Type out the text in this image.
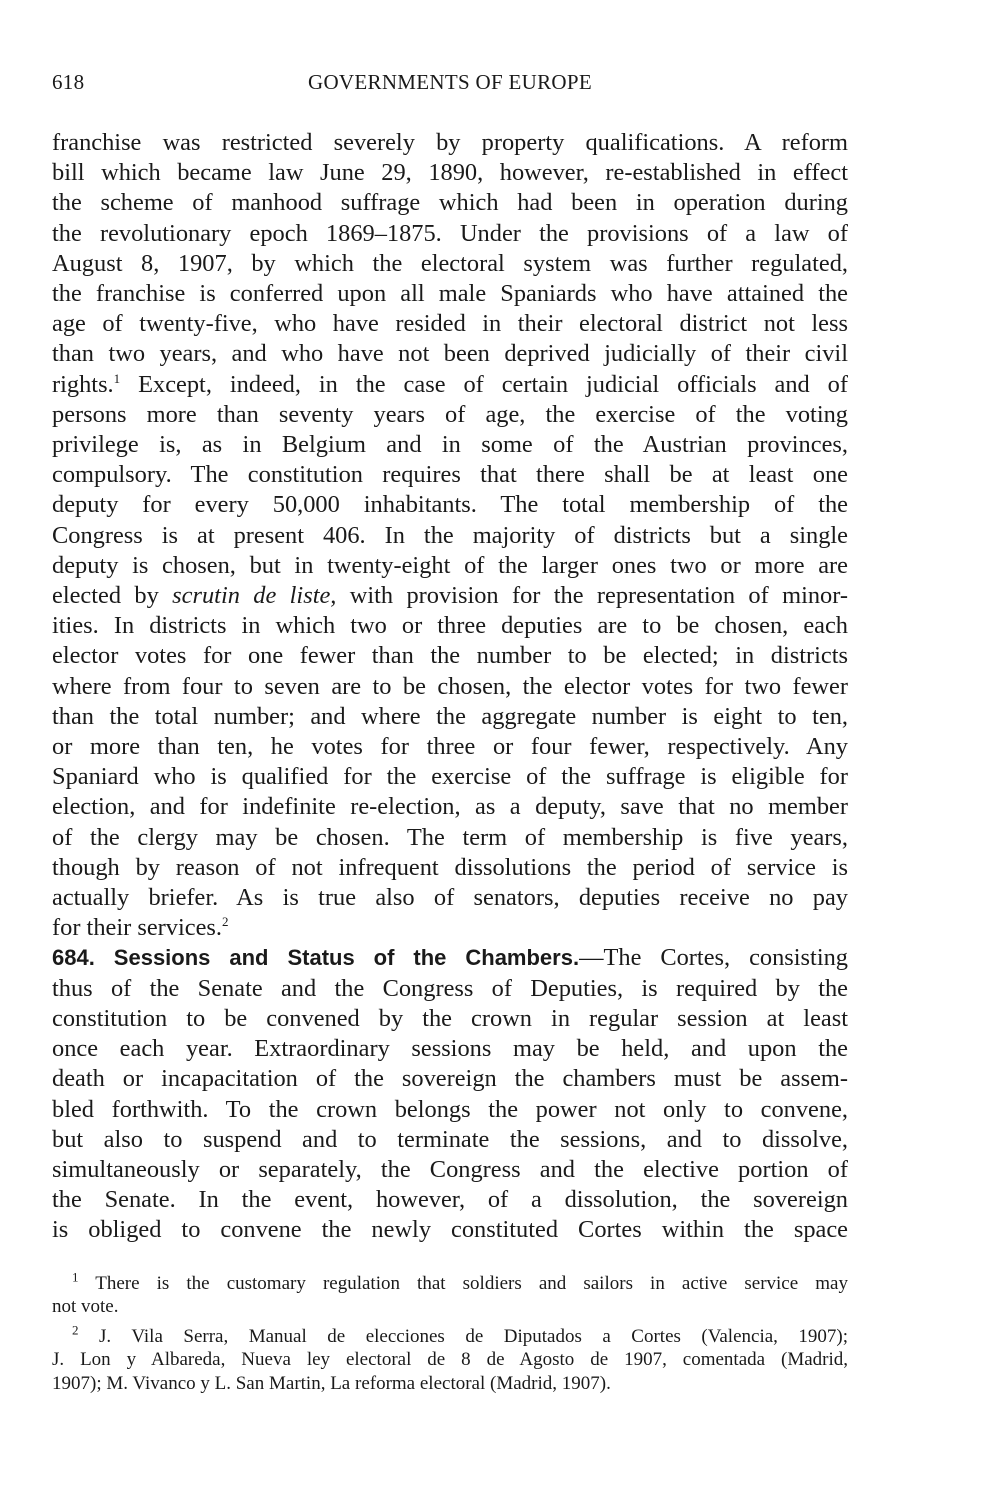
618	GOVERNMENTS OF EUROPE

franchise was restricted severely by property qualifications. A reform
bill which became law June 29, 1890, however, re-established in effect
the scheme of manhood suffrage which had been in operation during
the revolutionary epoch 1869–1875. Under the provisions of a law of
August 8, 1907, by which the electoral system was further regulated,
the franchise is conferred upon all male Spaniards who have attained the
age of twenty-five, who have resided in their electoral district not less
than two years, and who have not been deprived judicially of their civil
rights.$^1$ Except, indeed, in the case of certain judicial officials and of
persons more than seventy years of age, the exercise of the voting
privilege is, as in Belgium and in some of the Austrian provinces,
compulsory. The constitution requires that there shall be at least one
deputy for every 50,000 inhabitants. The total membership of the
Congress is at present 406. In the majority of districts but a single
deputy is chosen, but in twenty-eight of the larger ones two or more are
elected by scrutin de liste, with provision for the representation of minor-
ities. In districts in which two or three deputies are to be chosen, each
elector votes for one fewer than the number to be elected; in districts
where from four to seven are to be chosen, the elector votes for two fewer
than the total number; and where the aggregate number is eight to ten,
or more than ten, he votes for three or four fewer, respectively. Any
Spaniard who is qualified for the exercise of the suffrage is eligible for
election, and for indefinite re-election, as a deputy, save that no member
of the clergy may be chosen. The term of membership is five years,
though by reason of not infrequent dissolutions the period of service is
actually briefer. As is true also of senators, deputies receive no pay
for their services.$^2$

684. Sessions and Status of the Chambers.—The Cortes, consisting
thus of the Senate and the Congress of Deputies, is required by the
constitution to be convened by the crown in regular session at least
once each year. Extraordinary sessions may be held, and upon the
death or incapacitation of the sovereign the chambers must be assem-
bled forthwith. To the crown belongs the power not only to convene,
but also to suspend and to terminate the sessions, and to dissolve,
simultaneously or separately, the Congress and the elective portion of
the Senate. In the event, however, of a dissolution, the sovereign
is obliged to convene the newly constituted Cortes within the space

$^1$ There is the customary regulation that soldiers and sailors in active service may
not vote.
$^2$ J. Vila Serra, Manual de elecciones de Diputados a Cortes (Valencia, 1907);
J. Lon y Albareda, Nueva ley electoral de 8 de Agosto de 1907, comentada (Madrid,
1907); M. Vivanco y L. San Martin, La reforma electoral (Madrid, 1907).
